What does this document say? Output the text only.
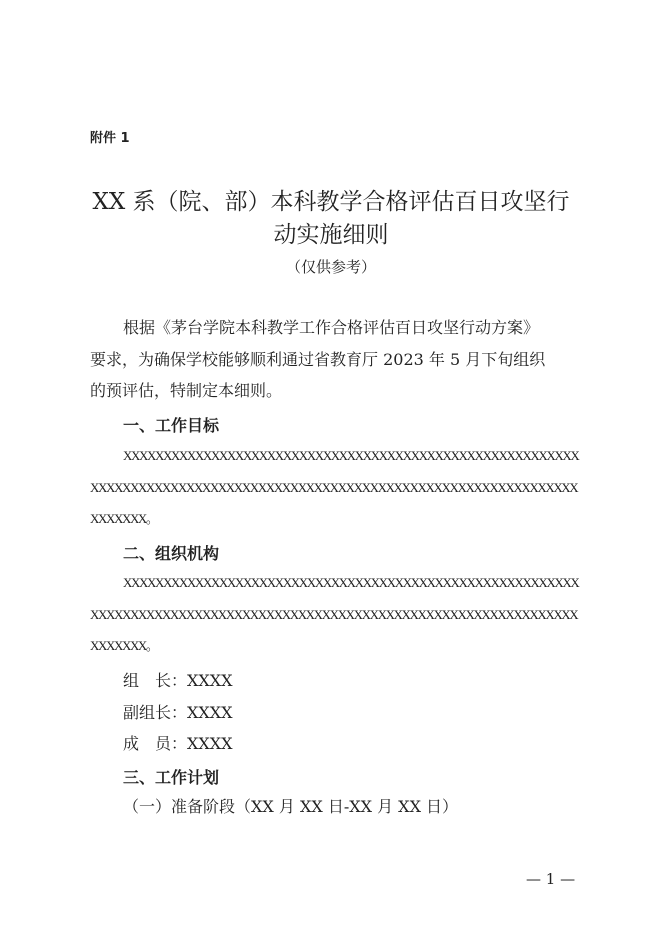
附件 1
XX 系（院、部）本科教学合格评估百日攻坚行
动实施细则
（仅供参考）
根据《茅台学院本科教学工作合格评估百日攻坚行动方案》
要求，为确保学校能够顺利通过省教育厅 2023 年 5 月下旬组织
的预评估，特制定本细则。
一、工作目标
XXXXXXXXXXXXXXXXXXXXXXXXXXXXXXXXXXXXXXXXXXXXXXXXXXXXXXXXX
XXXXXXXXXXXXXXXXXXXXXXXXXXXXXXXXXXXXXXXXXXXXXXXXXXXXXXXXXXXXX
XXXXXXX。
二、组织机构
XXXXXXXXXXXXXXXXXXXXXXXXXXXXXXXXXXXXXXXXXXXXXXXXXXXXXXXXX
XXXXXXXXXXXXXXXXXXXXXXXXXXXXXXXXXXXXXXXXXXXXXXXXXXXXXXXXXXXXX
XXXXXXX。
组　长：XXXX
副组长：XXXX
成　员：XXXX
三、工作计划
（一）准备阶段（XX 月 XX 日-XX 月 XX 日）
— 1 —
